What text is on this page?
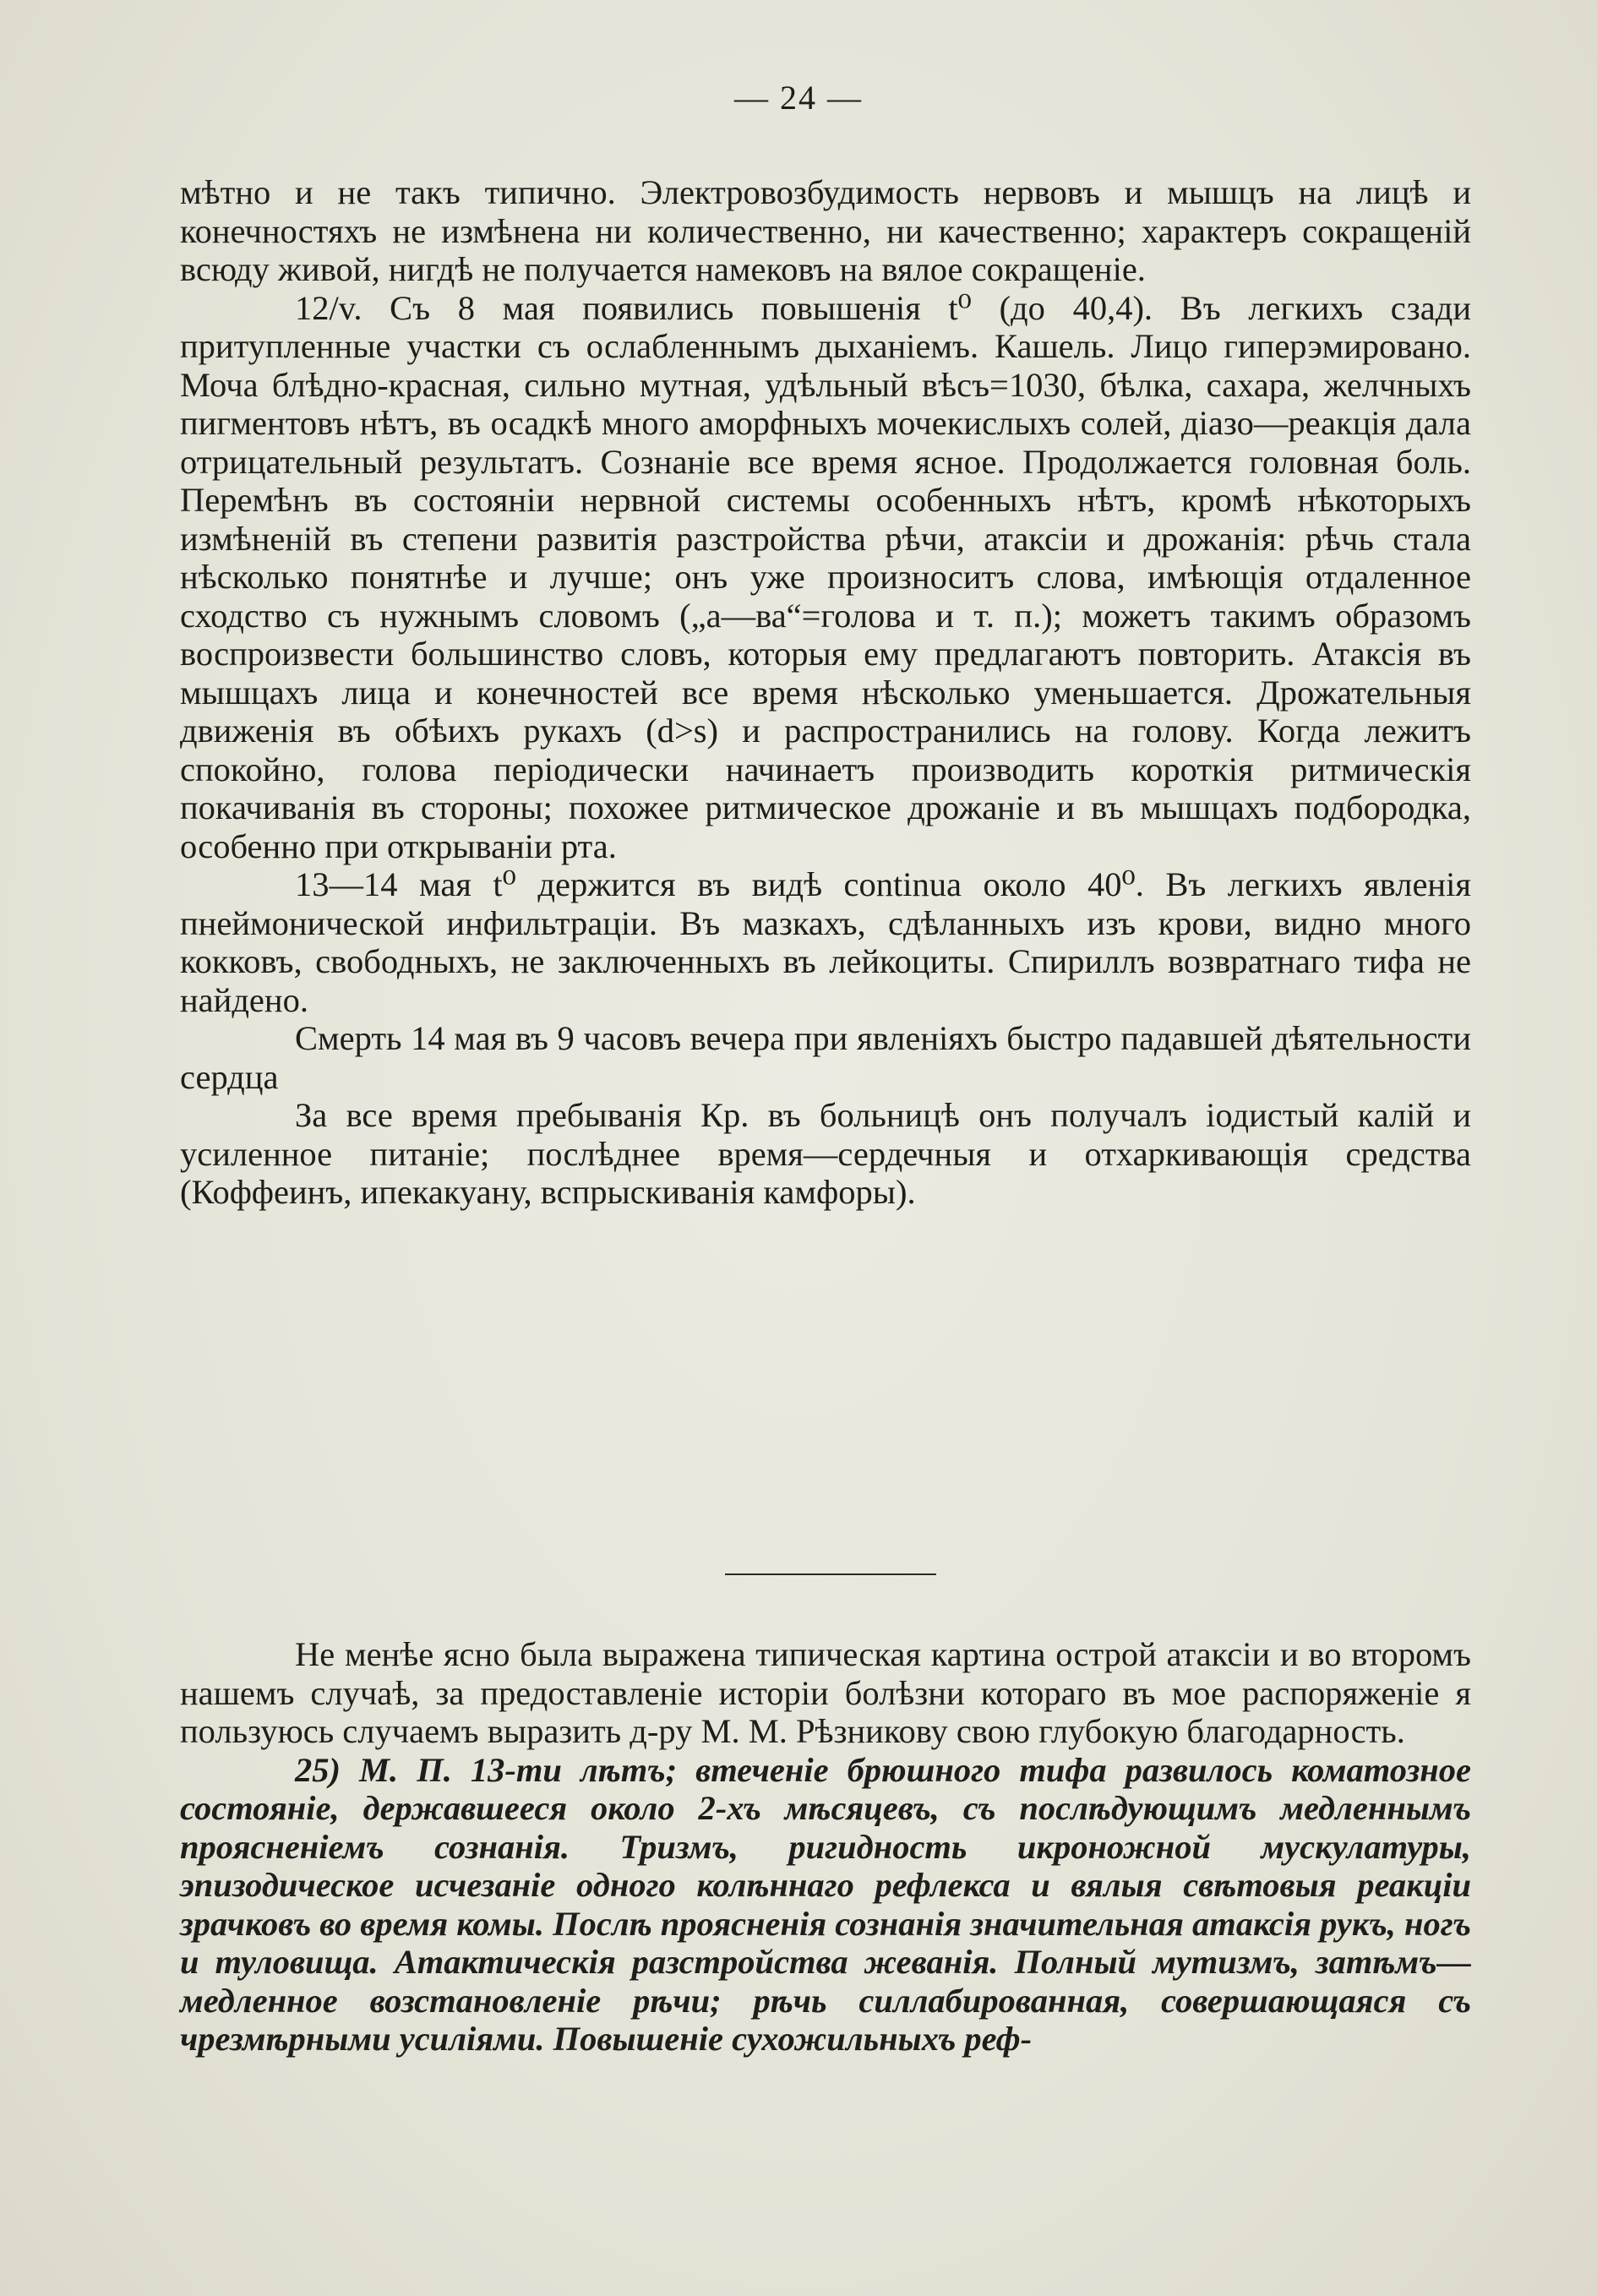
— 24 —

мѣтно и не такъ типично. Электровозбудимость нервовъ и мышцъ на лицѣ и конечностяхъ не измѣнена ни количественно, ни качественно; характеръ сокращенiй всюду живой, нигдѣ не получается намековъ на вялое сокращенiе.

12/v. Съ 8 мая появились повышенiя t⁰ (до 40,4). Въ легкихъ сзади притупленные участки съ ослабленнымъ дыханiемъ. Кашель. Лицо гиперэмировано. Моча блѣдно-красная, сильно мутная, удѣльный вѣсъ=1030, бѣлка, сахара, желчныхъ пигментовъ нѣтъ, въ осадкѣ много аморфныхъ мочекислыхъ солей, дiазо—реакцiя дала отрицательный результатъ. Сознанiе все время ясное. Продолжается головная боль. Перемѣнъ въ состоянiи нервной системы особенныхъ нѣтъ, кромѣ нѣкоторыхъ измѣненiй въ степени развитiя разстройства рѣчи, атаксiи и дрожанiя: рѣчь стала нѣсколько понятнѣе и лучше; онъ уже произноситъ слова, имѣющiя отдаленное сходство съ нужнымъ словомъ („а—ва“=голова и т. п.); можетъ такимъ образомъ воспроизвести большинство словъ, которыя ему предлагаютъ повторить. Атаксiя въ мышцахъ лица и конечностей все время нѣсколько уменьшается. Дрожательныя движенiя въ обѣихъ рукахъ (d>s) и распространились на голову. Когда лежитъ спокойно, голова перiодически начинаетъ производить короткiя ритмическiя покачиванiя въ стороны; похожее ритмическое дрожанiе и въ мышцахъ подбородка, особенно при открыванiи рта.

13—14 мая t⁰ держится въ видѣ continua около 40⁰. Въ легкихъ явленiя пнеймонической инфильтрацiи. Въ мазкахъ, сдѣланныхъ изъ крови, видно много кокковъ, свободныхъ, не заключенныхъ въ лейкоциты. Спириллъ возвратнаго тифа не найдено.

Смерть 14 мая въ 9 часовъ вечера при явленiяхъ быстро падавшей дѣятельности сердца

За все время пребыванiя Кр. въ больницѣ онъ получалъ iодистый калiй и усиленное питанiе; послѣднее время—сердечныя и отхаркивающiя средства (Коффеинъ, ипекакуану, вспрыскиванiя камфоры).

Не менѣе ясно была выражена типическая картина острой атаксiи и во второмъ нашемъ случаѣ, за предоставленiе исторiи болѣзни котораго въ мое распоряженiе я пользуюсь случаемъ выразить д-ру М. М. Рѣзникову свою глубокую благодарность.

25) М. П. 13-ти лѣтъ; втеченiе брюшного тифа развилось коматозное состоянiе, державшееся около 2-хъ мѣсяцевъ, съ послѣдующимъ медленнымъ проясненiемъ сознанiя. Тризмъ, ригидность икроножной мускулатуры, эпизодическое исчезанiе одного колѣннаго рефлекса и вялыя свѣтовыя реакцiи зрачковъ во время комы. Послѣ проясненiя сознанiя значительная атаксiя рукъ, ногъ и туловища. Атактическiя разстройства жеванiя. Полный мутизмъ, затѣмъ—медленное возстановленiе рѣчи; рѣчь силлабированная, совершающаяся съ чрезмѣрными усилiями. Повышенiе сухожильныхъ реф-
